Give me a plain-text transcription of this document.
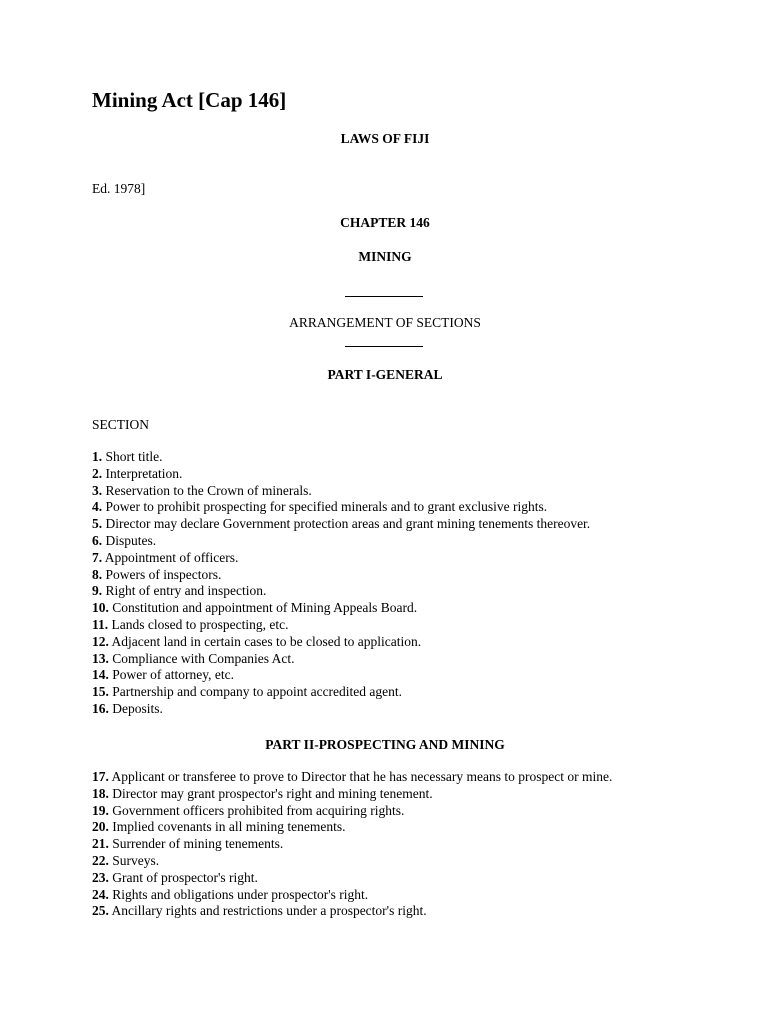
Mining Act [Cap 146]
LAWS OF FIJI
Ed. 1978]
CHAPTER 146
MINING
ARRANGEMENT OF SECTIONS
PART I-GENERAL
SECTION
1. Short title.
2. Interpretation.
3. Reservation to the Crown of minerals.
4. Power to prohibit prospecting for specified minerals and to grant exclusive rights.
5. Director may declare Government protection areas and grant mining tenements thereover.
6. Disputes.
7. Appointment of officers.
8. Powers of inspectors.
9. Right of entry and inspection.
10. Constitution and appointment of Mining Appeals Board.
11. Lands closed to prospecting, etc.
12. Adjacent land in certain cases to be closed to application.
13. Compliance with Companies Act.
14. Power of attorney, etc.
15. Partnership and company to appoint accredited agent.
16. Deposits.
PART II-PROSPECTING AND MINING
17. Applicant or transferee to prove to Director that he has necessary means to prospect or mine.
18. Director may grant prospector's right and mining tenement.
19. Government officers prohibited from acquiring rights.
20. Implied covenants in all mining tenements.
21. Surrender of mining tenements.
22. Surveys.
23. Grant of prospector's right.
24. Rights and obligations under prospector's right.
25. Ancillary rights and restrictions under a prospector's right.
